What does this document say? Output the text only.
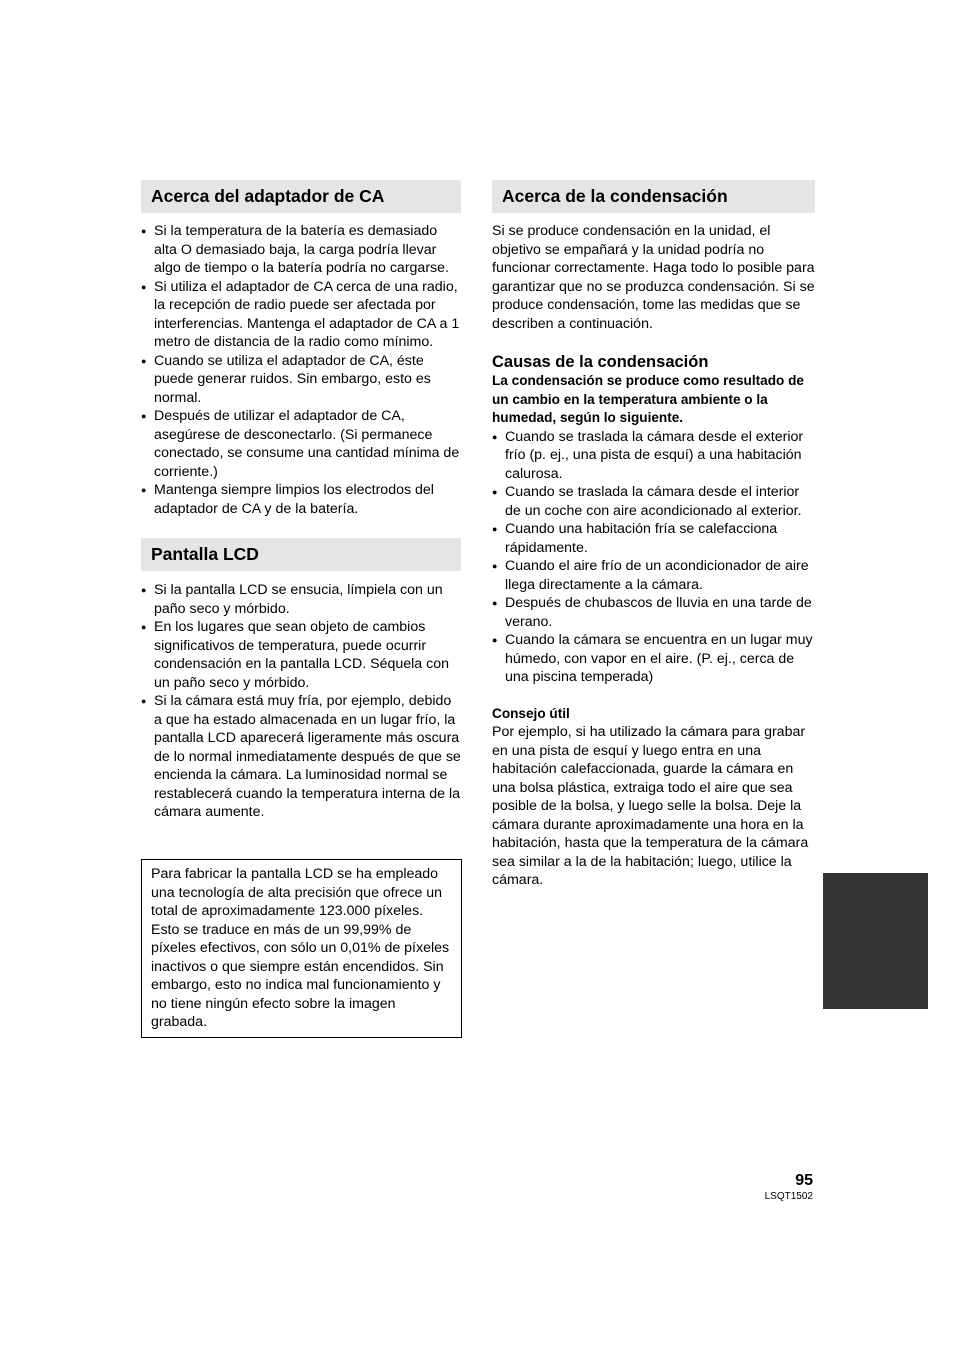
Acerca del adaptador de CA
● Si la temperatura de la batería es demasiado alta O demasiado baja, la carga podría llevar algo de tiempo o la batería podría no cargarse.
● Si utiliza el adaptador de CA cerca de una radio, la recepción de radio puede ser afectada por interferencias. Mantenga el adaptador de CA a 1 metro de distancia de la radio como mínimo.
● Cuando se utiliza el adaptador de CA, éste puede generar ruidos. Sin embargo, esto es normal.
● Después de utilizar el adaptador de CA, asegúrese de desconectarlo. (Si permanece conectado, se consume una cantidad mínima de corriente.)
● Mantenga siempre limpios los electrodos del adaptador de CA y de la batería.
Pantalla LCD
● Si la pantalla LCD se ensucia, límpiela con un paño seco y mórbido.
● En los lugares que sean objeto de cambios significativos de temperatura, puede ocurrir condensación en la pantalla LCD. Séquela con un paño seco y mórbido.
● Si la cámara está muy fría, por ejemplo, debido a que ha estado almacenada en un lugar frío, la pantalla LCD aparecerá ligeramente más oscura de lo normal inmediatamente después de que se encienda la cámara. La luminosidad normal se restablecerá cuando la temperatura interna de la cámara aumente.
Para fabricar la pantalla LCD se ha empleado una tecnología de alta precisión que ofrece un total de aproximadamente 123.000 píxeles. Esto se traduce en más de un 99,99% de píxeles efectivos, con sólo un 0,01% de píxeles inactivos o que siempre están encendidos. Sin embargo, esto no indica mal funcionamiento y no tiene ningún efecto sobre la imagen grabada.
Acerca de la condensación

Si se produce condensación en la unidad, el objetivo se empañará y la unidad podría no funcionar correctamente. Haga todo lo posible para garantizar que no se produzca condensación. Si se produce condensación, tome las medidas que se describen a continuación.

Causas de la condensación

La condensación se produce como resultado de un cambio en la temperatura ambiente o la humedad, según lo siguiente.

● Cuando se traslada la cámara desde el exterior frío (p. ej., una pista de esquí) a una habitación calurosa.
● Cuando se traslada la cámara desde el interior de un coche con aire acondicionado al exterior.
● Cuando una habitación fría se calefacciona rápidamente.
● Cuando el aire frío de un acondicionador de aire llega directamente a la cámara.
● Después de chubascos de lluvia en una tarde de verano.
● Cuando la cámara se encuentra en un lugar muy húmedo, con vapor en el aire. (P. ej., cerca de una piscina temperada)

Consejo útil

Por ejemplo, si ha utilizado la cámara para grabar en una pista de esquí y luego entra en una habitación calefaccionada, guarde la cámara en una bolsa plástica, extraiga todo el aire que sea posible de la bolsa, y luego selle la bolsa. Deje la cámara durante aproximadamente una hora en la habitación, hasta que la temperatura de la cámara sea similar a la de la habitación; luego, utilice la cámara.

95
LSQT1502
